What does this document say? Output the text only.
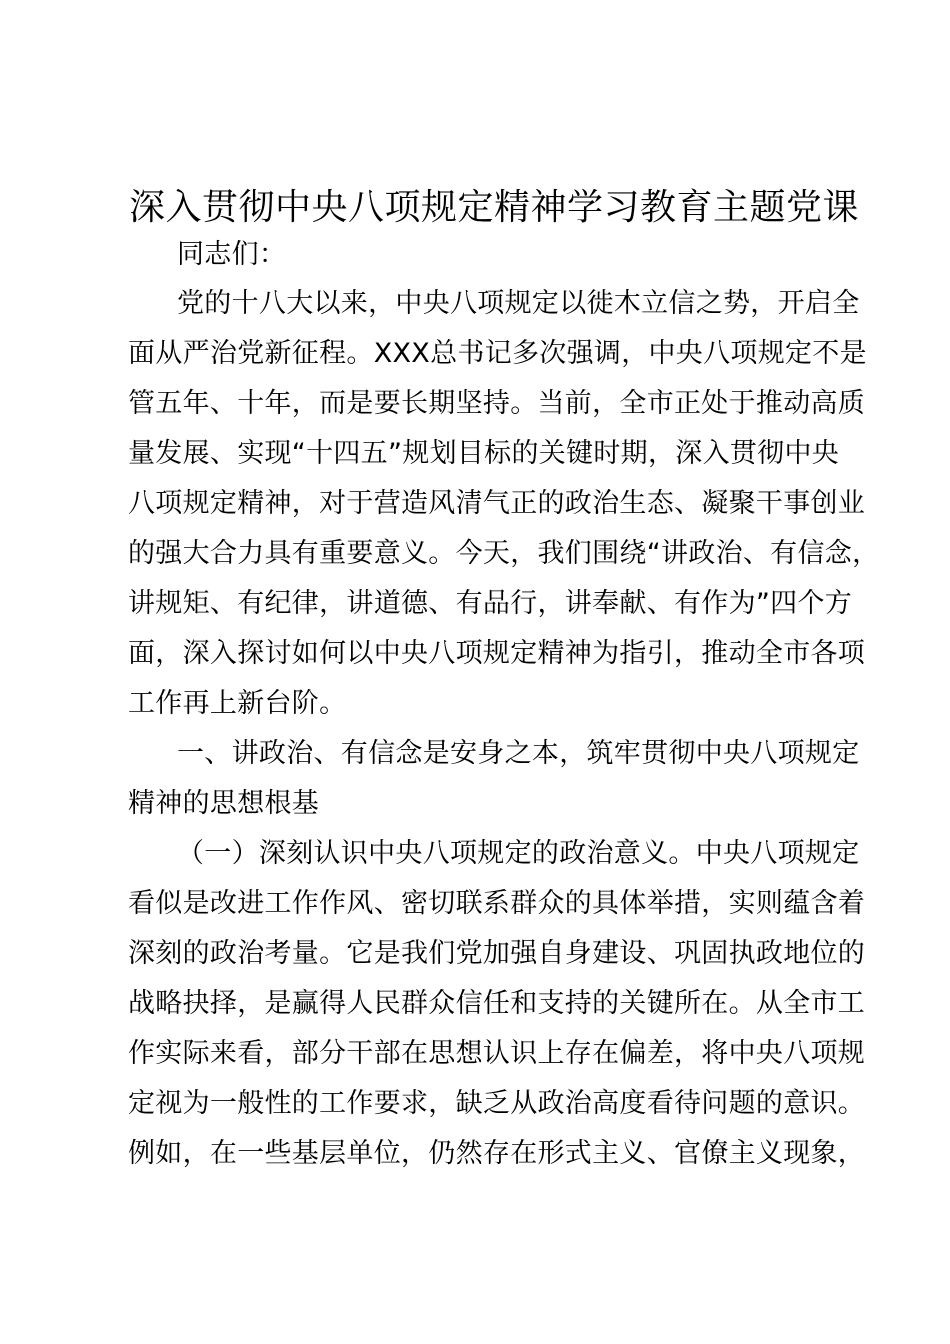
深入贯彻中央八项规定精神学习教育主题党课
同志们：
党的十八大以来，中央八项规定以徙木立信之势，开启全
面从严治党新征程。XXX总书记多次强调，中央八项规定不是
管五年、十年，而是要长期坚持。当前，全市正处于推动高质
量发展、实现“十四五”规划目标的关键时期，深入贯彻中央
八项规定精神，对于营造风清气正的政治生态、凝聚干事创业
的强大合力具有重要意义。今天，我们围绕“讲政治、有信念，
讲规矩、有纪律，讲道德、有品行，讲奉献、有作为”四个方
面，深入探讨如何以中央八项规定精神为指引，推动全市各项
工作再上新台阶。
一、讲政治、有信念是安身之本，筑牢贯彻中央八项规定
精神的思想根基
（一）深刻认识中央八项规定的政治意义。中央八项规定
看似是改进工作作风、密切联系群众的具体举措，实则蕴含着
深刻的政治考量。它是我们党加强自身建设、巩固执政地位的
战略抉择，是赢得人民群众信任和支持的关键所在。从全市工
作实际来看，部分干部在思想认识上存在偏差，将中央八项规
定视为一般性的工作要求，缺乏从政治高度看待问题的意识。
例如，在一些基层单位，仍然存在形式主义、官僚主义现象，
